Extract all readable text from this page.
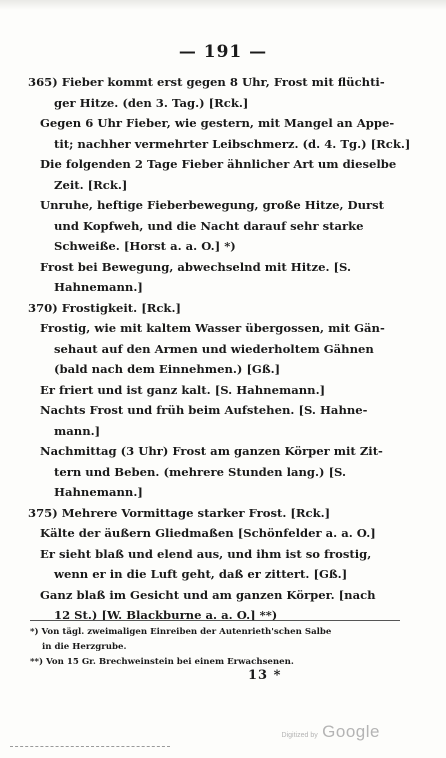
— 191 —
365) Fieber kommt erst gegen 8 Uhr, Frost mit flüchti-
ger Hitze. (den 3. Tag.) [Rck.]
Gegen 6 Uhr Fieber, wie gestern, mit Mangel an Appe-
tit; nachher vermehrter Leibschmerz. (d. 4. Tg.) [Rck.]
Die folgenden 2 Tage Fieber ähnlicher Art um dieselbe
Zeit. [Rck.]
Unruhe, heftige Fieberbewegung, große Hitze, Durst
und Kopfweh, und die Nacht darauf sehr starke
Schweiße. [Horst a. a. O.] *)
Frost bei Bewegung, abwechselnd mit Hitze. [S.
Hahnemann.]
370) Frostigkeit. [Rck.]
Frostig, wie mit kaltem Wasser übergossen, mit Gän-
sehaut auf den Armen und wiederholtem Gähnen
(bald nach dem Einnehmen.) [Gß.]
Er friert und ist ganz kalt. [S. Hahnemann.]
Nachts Frost und früh beim Aufstehen. [S. Hahne-
mann.]
Nachmittag (3 Uhr) Frost am ganzen Körper mit Zit-
tern und Beben. (mehrere Stunden lang.) [S.
Hahnemann.]
375) Mehrere Vormittage starker Frost. [Rck.]
Kälte der äußern Gliedmaßen [Schönfelder a. a. O.]
Er sieht blaß und elend aus, und ihm ist so frostig,
wenn er in die Luft geht, daß er zittert. [Gß.]
Ganz blaß im Gesicht und am ganzen Körper. [nach
12 St.) [W. Blackburne a. a. O.] **)
*) Von tägl. zweimaligen Einreiben der Autenrieth'schen Salbe
in die Herzgrube.
**) Von 15 Gr. Brechweinstein bei einem Erwachsenen.
13 *
Digitized by Google
